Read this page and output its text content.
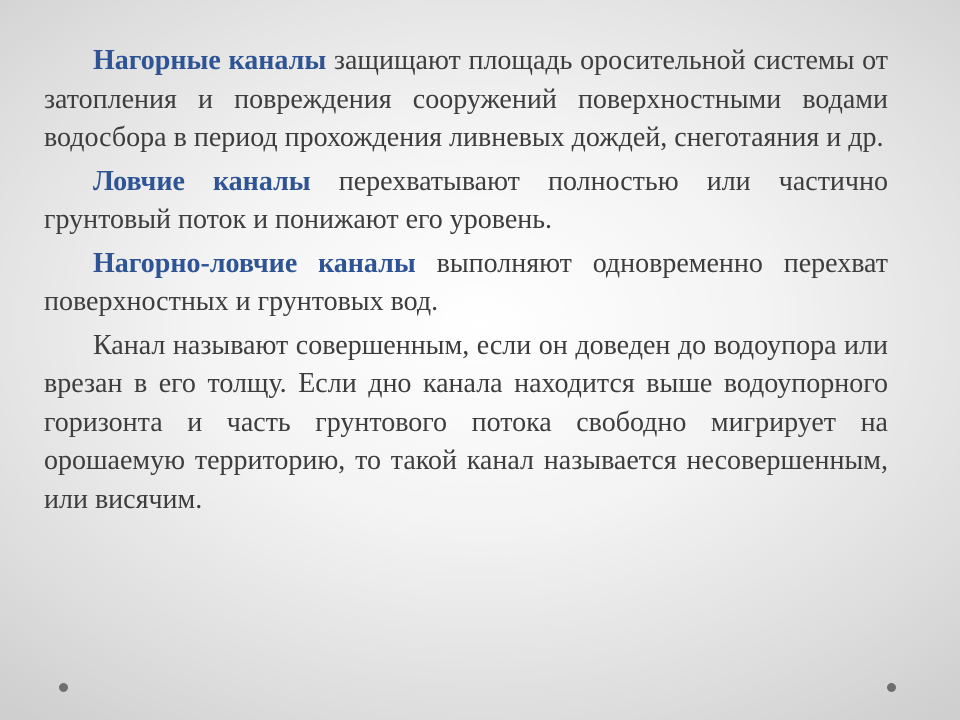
Нагорные каналы защищают площадь оросительной системы от затопления и повреждения сооружений поверхностными водами водосбора в период прохождения ливневых дождей, снеготаяния и др.

Ловчие каналы перехватывают полностью или частично грунтовый поток и понижают его уровень.

Нагорно-ловчие каналы выполняют одновременно перехват поверхностных и грунтовых вод.

Канал называют совершенным, если он доведен до водоупора или врезан в его толщу. Если дно канала находится выше водоупорного горизонта и часть грунтового потока свободно мигрирует на орошаемую территорию, то такой канал называется несовершенным, или висячим.
